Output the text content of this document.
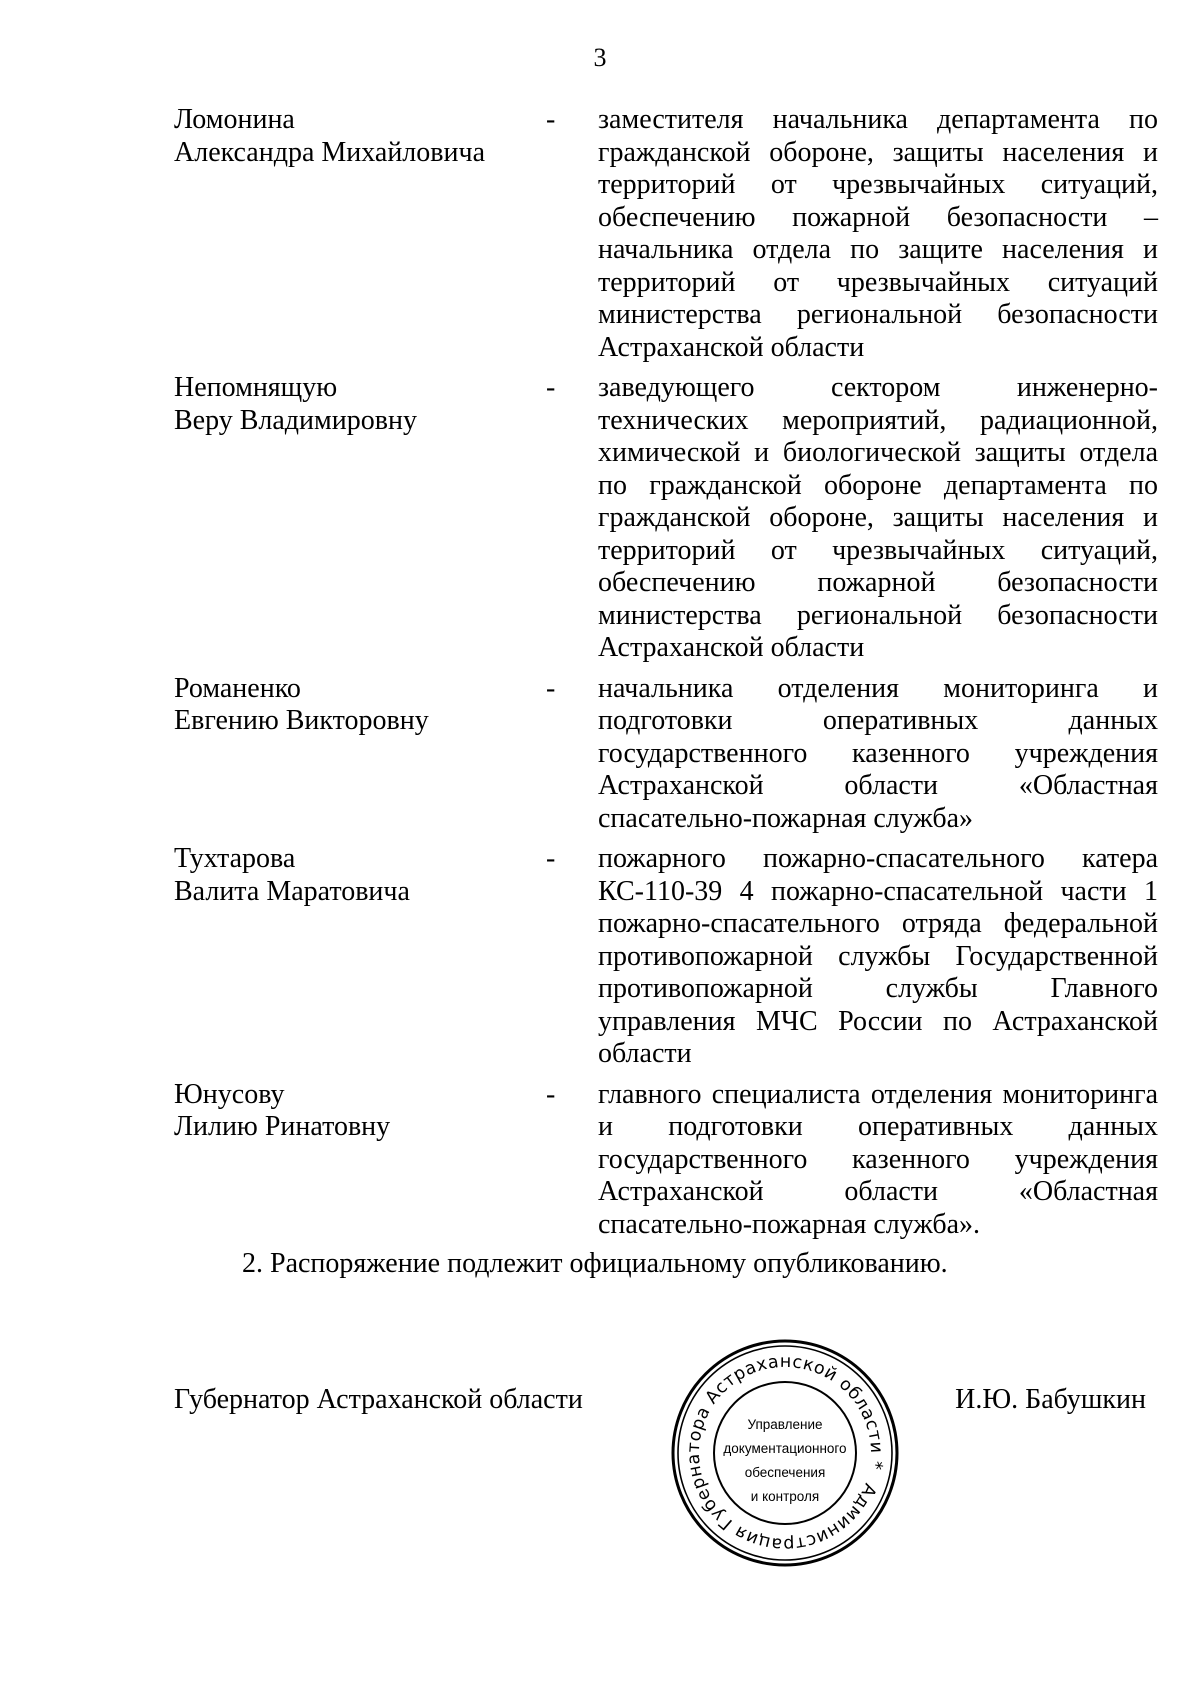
3
Ломонина
Александра Михайловича
-	заместителя начальника департамента по гражданской обороне, защиты населения и территорий от чрезвычайных ситуаций, обеспечению пожарной безопасности – начальника отдела по защите населения и территорий от чрезвычайных ситуаций министерства региональной безопасности Астраханской области
Непомнящую
Веру Владимировну
-	заведующего сектором инженерно-технических мероприятий, радиационной, химической и биологической защиты отдела по гражданской обороне департамента по гражданской обороне, защиты населения и территорий от чрезвычайных ситуаций, обеспечению пожарной безопасности министерства региональной безопасности Астраханской области
Романенко
Евгению Викторовну
-	начальника отделения мониторинга и подготовки оперативных данных государственного казенного учреждения Астраханской области «Областная спасательно-пожарная служба»
Тухтарова
Валита Маратовича
-	пожарного пожарно-спасательного катера КС-110-39 4 пожарно-спасательной части 1 пожарно-спасательного отряда федеральной противопожарной службы Государственной противопожарной службы Главного управления МЧС России по Астраханской области
Юнусову
Лилию Ринатовну
-	главного специалиста отделения мониторинга и подготовки оперативных данных государственного казенного учреждения Астраханской области «Областная спасательно-пожарная служба».
2. Распоряжение подлежит официальному опубликованию.
Губернатор Астраханской области	И.Ю. Бабушкин
Администрация Губернатора Астраханской области *
Управление
документационного
обеспечения
и контроля
